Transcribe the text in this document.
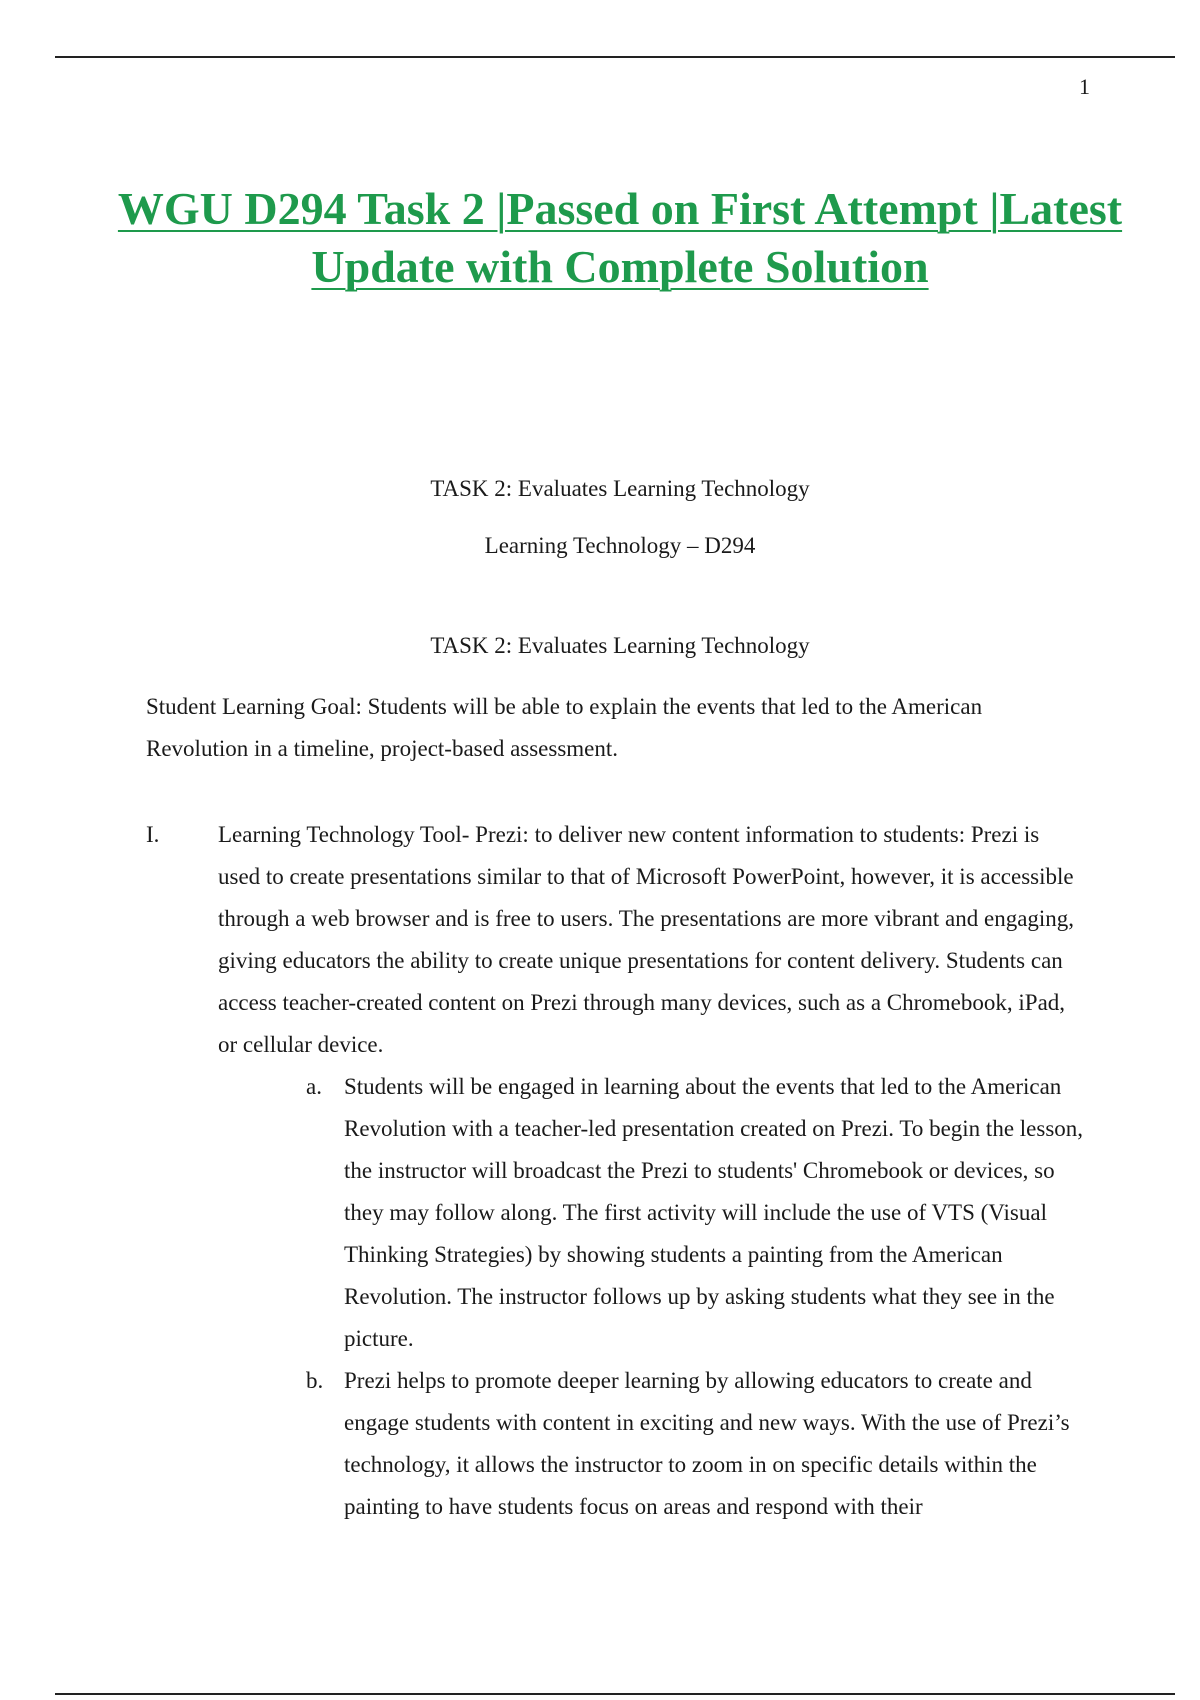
1
WGU D294 Task 2 |Passed on First Attempt |Latest Update with Complete Solution
TASK 2: Evaluates Learning Technology
Learning Technology – D294
TASK 2: Evaluates Learning Technology
Student Learning Goal: Students will be able to explain the events that led to the American Revolution in a timeline, project-based assessment.
I.	Learning Technology Tool- Prezi: to deliver new content information to students: Prezi is used to create presentations similar to that of Microsoft PowerPoint, however, it is accessible through a web browser and is free to users. The presentations are more vibrant and engaging, giving educators the ability to create unique presentations for content delivery. Students can access teacher-created content on Prezi through many devices, such as a Chromebook, iPad, or cellular device.
a. Students will be engaged in learning about the events that led to the American Revolution with a teacher-led presentation created on Prezi. To begin the lesson, the instructor will broadcast the Prezi to students' Chromebook or devices, so they may follow along. The first activity will include the use of VTS (Visual Thinking Strategies) by showing students a painting from the American Revolution. The instructor follows up by asking students what they see in the picture.
b. Prezi helps to promote deeper learning by allowing educators to create and engage students with content in exciting and new ways. With the use of Prezi’s technology, it allows the instructor to zoom in on specific details within the painting to have students focus on areas and respond with their
